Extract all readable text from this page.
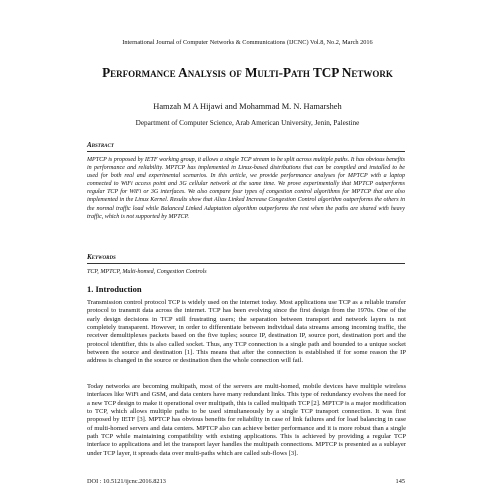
International Journal of Computer Networks & Communications (IJCNC) Vol.8, No.2, March 2016
Performance Analysis of Multi-Path TCP Network
Hamzah M A Hijawi and Mohammad M. N. Hamarsheh
Department of Computer Science, Arab American University, Jenin, Palestine
Abstract
MPTCP is proposed by IETF working group, it allows a single TCP stream to be split across multiple paths. It has obvious benefits in performance and reliability. MPTCP has implemented in Linux-based distributions that can be compiled and installed to be used for both real and experimental scenarios. In this article, we provide performance analyses for MPTCP with a laptop connected to WiFi access point and 3G cellular network at the same time. We prove experimentally that MPTCP outperforms regular TCP for WiFi or 3G interfaces. We also compare four types of congestion control algorithms for MPTCP that are also implemented in the Linux Kernel. Results show that Alias Linked Increase Congestion Control algorithm outperforms the others in the normal traffic load while Balanced Linked Adaptation algorithm outperforms the rest when the paths are shared with heavy traffic, which is not supported by MPTCP.
Keywords
TCP, MPTCP, Multi-homed, Congestion Controls
1. Introduction
Transmission control protocol TCP is widely used on the internet today. Most applications use TCP as a reliable transfer protocol to transmit data across the internet. TCP has been evolving since the first design from the 1970s. One of the early design decisions in TCP still frustrating users; the separation between transport and network layers is not completely transparent. However, in order to differentiate between individual data streams among incoming traffic, the receiver demultiplexes packets based on the five tuples; source IP, destination IP, source port, destination port and the protocol identifier, this is also called socket. Thus, any TCP connection is a single path and bounded to a unique socket between the source and destination [1]. This means that after the connection is established if for some reason the IP address is changed in the source or destination then the whole connection will fail.
Today networks are becoming multipath, most of the servers are multi-homed, mobile devices have multiple wireless interfaces like WiFi and GSM, and data centers have many redundant links. This type of redundancy evolves the need for a new TCP design to make it operational over multipath, this is called multipath TCP [2]. MPTCP is a major modification to TCP, which allows multiple paths to be used simultaneously by a single TCP transport connection. It was first proposed by IETF [3]. MPTCP has obvious benefits for reliability in case of link failures and for load balancing in case of multi-homed servers and data centers. MPTCP also can achieve better performance and it is more robust than a single path TCP while maintaining compatibility with existing applications. This is achieved by providing a regular TCP interface to applications and let the transport layer handles the multipath connections. MPTCP is presented as a sublayer under TCP layer, it spreads data over multi-paths which are called sub-flows [3].
DOI : 10.5121/ijcnc.2016.8213	145
